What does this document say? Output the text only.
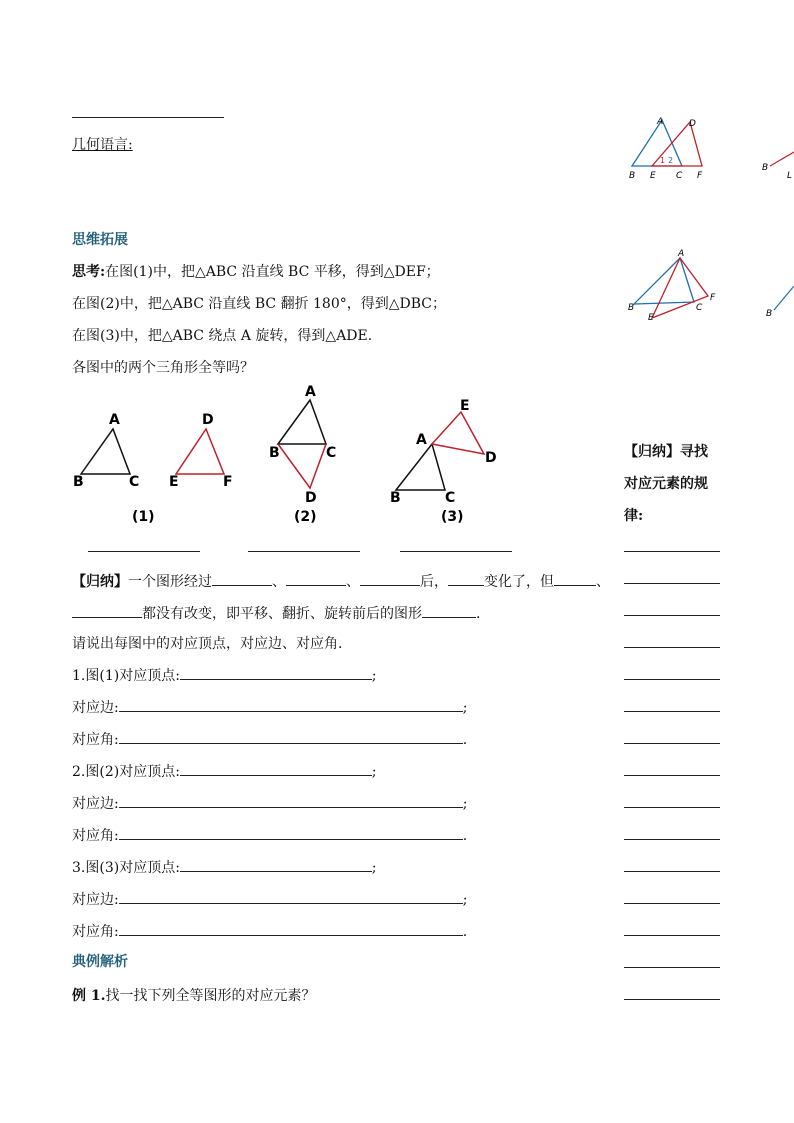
几何语言:
A	D
B E C F
1 2
B
L
思维拓展
思考:在图(1)中，把△ABC 沿直线 BC 平移，得到△DEF；
在图(2)中，把△ABC 沿直线 BC 翻折 180°，得到△DBC；
在图(3)中，把△ABC 绕点 A 旋转，得到△ADE.
各图中的两个三角形全等吗？
A
B	C
E
F
B
A
B	C
D
E	F
(1)
A
B	C
D
(2)
A
B	C
D
E
(3)
【归纳】一个图形经过	、	、	后，	变化了，但	、
都没有改变，即平移、翻折、旋转前后的图形	.
请说出每图中的对应顶点，对应边、对应角.
1.图(1)对应顶点:	;
对应边:	;
对应角:	.
2.图(2)对应顶点:	;
对应边:	;
对应角:	.
3.图(3)对应顶点:	;
对应边:	;
对应角:	.
典例解析
例 1.找一找下列全等图形的对应元素？
【归纳】寻找
对应元素的规
律:
